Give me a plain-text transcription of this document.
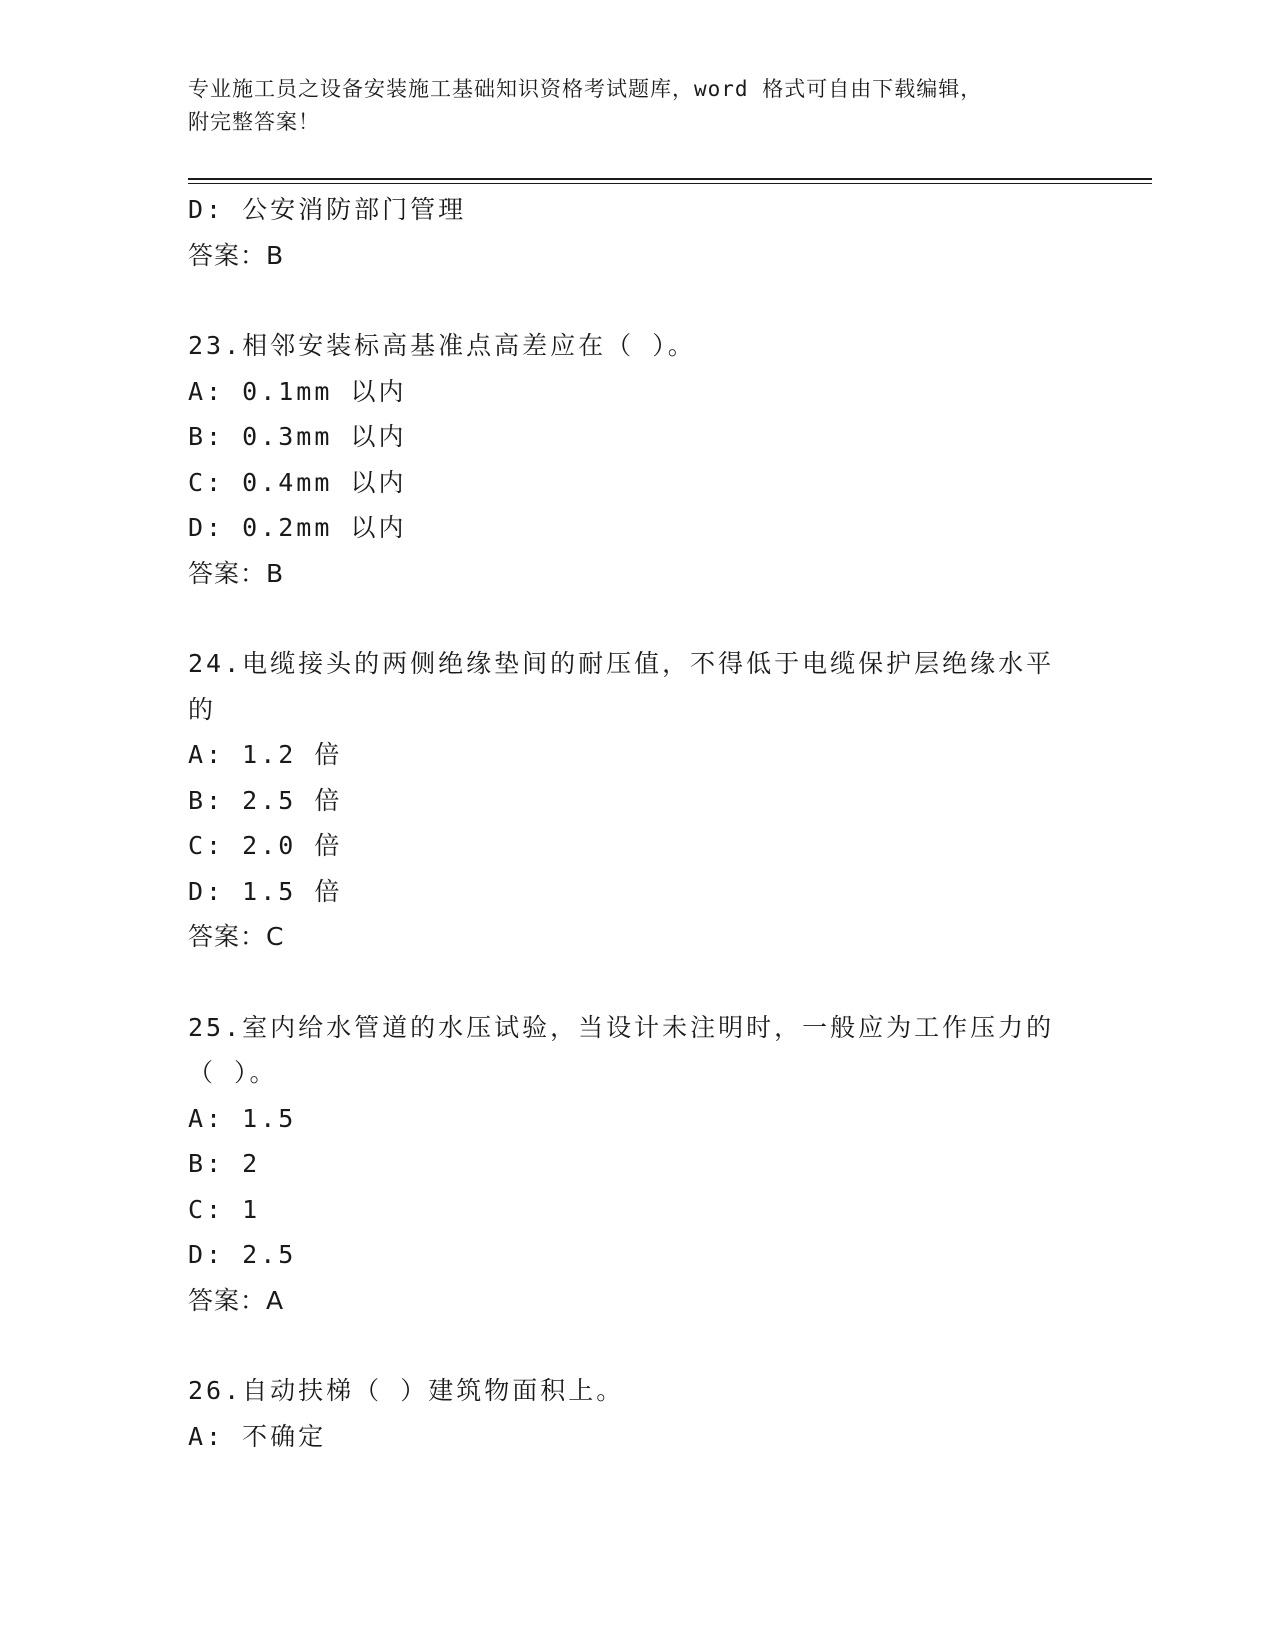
专业施工员之设备安装施工基础知识资格考试题库，word 格式可自由下载编辑，
附完整答案！
D: 公安消防部门管理
答案：B
23.相邻安装标高基准点高差应在（ ）。
A: 0.1mm 以内
B: 0.3mm 以内
C: 0.4mm 以内
D: 0.2mm 以内
答案：B
24.电缆接头的两侧绝缘垫间的耐压值，不得低于电缆保护层绝缘水平
的
A: 1.2 倍
B: 2.5 倍
C: 2.0 倍
D: 1.5 倍
答案：C
25.室内给水管道的水压试验，当设计未注明时，一般应为工作压力的
（ ）。
A: 1.5
B: 2
C: 1
D: 2.5
答案：A
26.自动扶梯（ ）建筑物面积上。
A: 不确定
